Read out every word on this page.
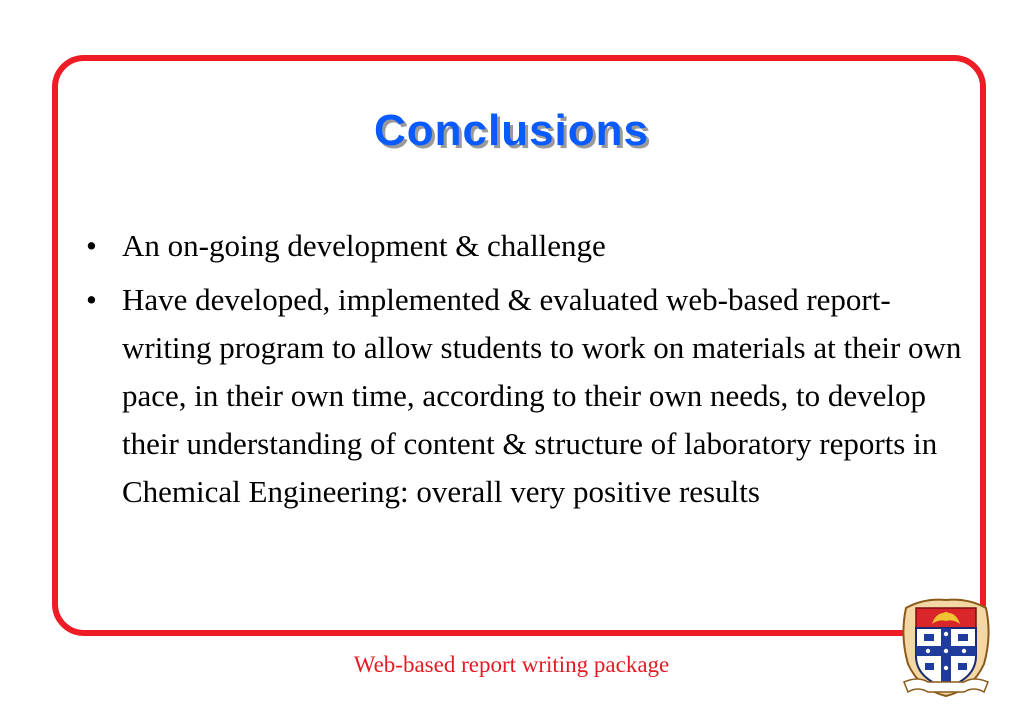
Conclusions
• An on-going development & challenge
• Have developed, implemented & evaluated web-based report-writing program to allow students to work on materials at their own pace, in their own time, according to their own needs, to develop their understanding of content & structure of laboratory reports in Chemical Engineering: overall very positive results
Web-based report writing package
